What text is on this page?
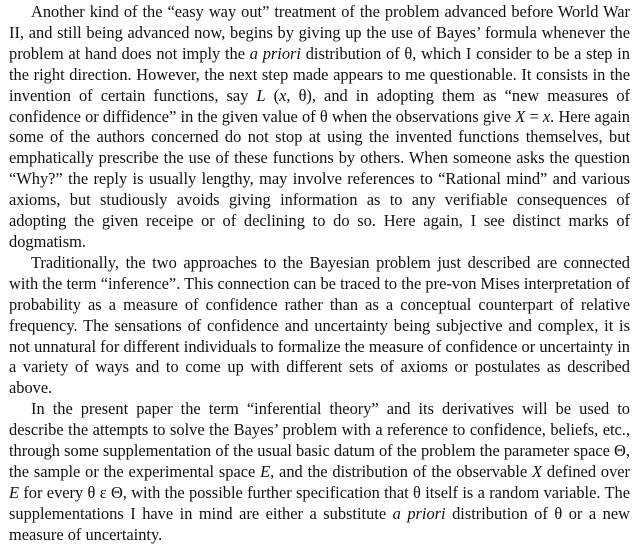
Another kind of the “easy way out” treatment of the problem advanced before World War II, and still being advanced now, begins by giving up the use of Bayes’ formula whenever the problem at hand does not imply the a priori distribution of θ, which I consider to be a step in the right direction. However, the next step made appears to me questionable. It consists in the invention of certain functions, say L (x, θ), and in adopting them as “new measures of confidence or diffidence” in the given value of θ when the observations give X = x. Here again some of the authors concerned do not stop at using the invented functions themselves, but emphatically prescribe the use of these functions by others. When someone asks the question “Why?” the reply is usually lengthy, may involve references to “Rational mind” and various axioms, but studiously avoids giving information as to any verifiable consequences of adopting the given receipe or of declining to do so. Here again, I see distinct marks of dogmatism.

Traditionally, the two approaches to the Bayesian problem just described are connected with the term “inference”. This connection can be traced to the pre-von Mises interpretation of probability as a measure of confidence rather than as a conceptual counterpart of relative frequency. The sensations of confidence and uncertainty being subjective and complex, it is not unnatural for different individuals to formalize the measure of confidence or uncertainty in a variety of ways and to come up with different sets of axioms or postulates as described above.

In the present paper the term “inferential theory” and its derivatives will be used to describe the attempts to solve the Bayes’ problem with a reference to confidence, beliefs, etc., through some supplementation of the usual basic datum of the problem the parameter space Θ, the sample or the experimental space E, and the distribution of the observable X defined over E for every θ ε Θ, with the possible further specification that θ itself is a random variable. The supplementations I have in mind are either a substitute a priori distribution of θ or a new measure of uncertainty.
